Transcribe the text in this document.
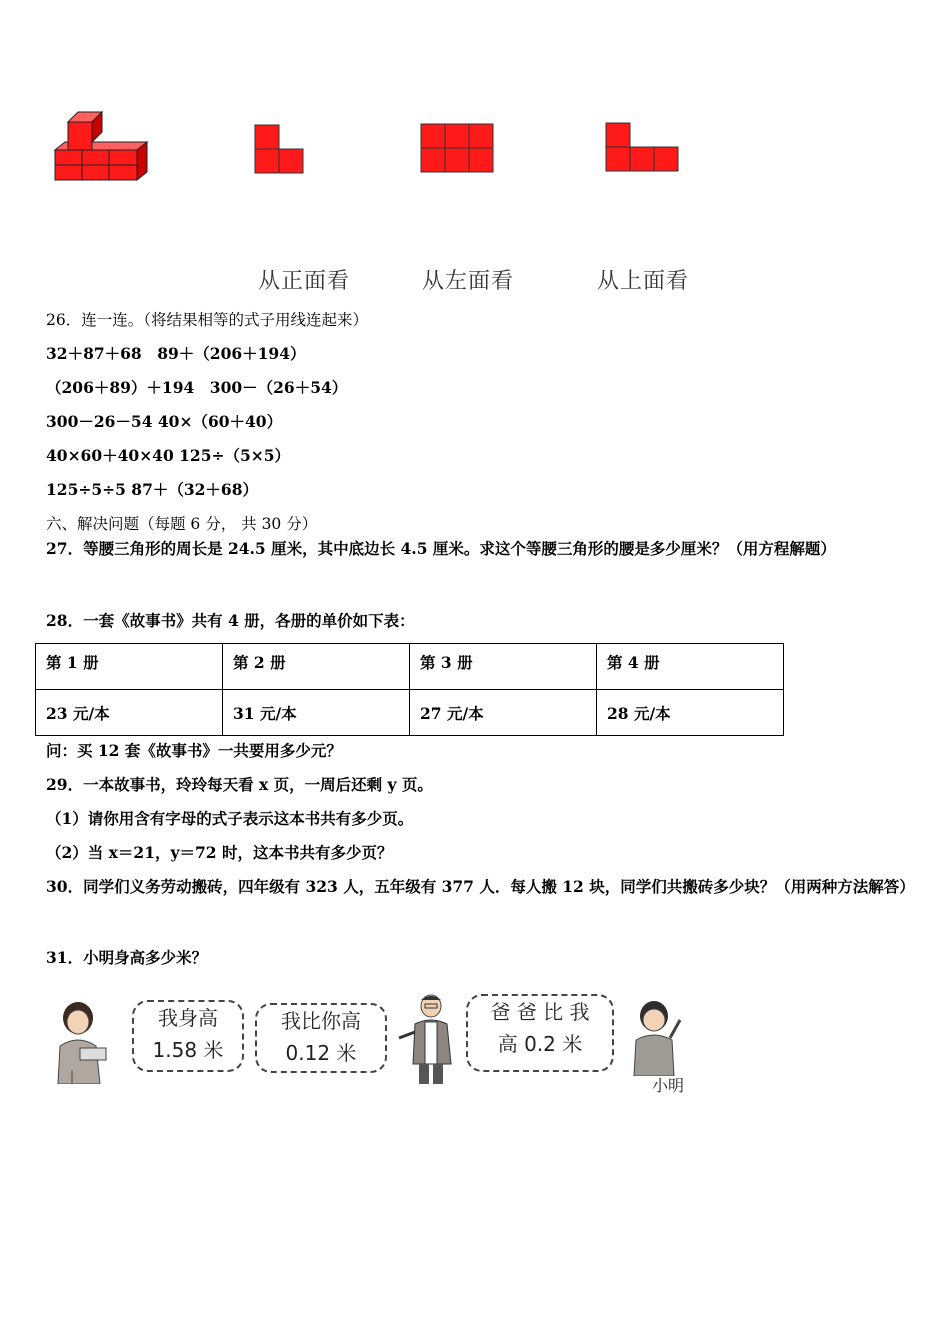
从正面看	从左面看	从上面看
26．连一连。（将结果相等的式子用线连起来）
32＋87＋68　89＋（206＋194）
（206＋89）＋194　300－（26＋54）
300－26－54 40×（60＋40）
40×60＋40×40 125÷（5×5）
125÷5÷5 87＋（32＋68）
六、解决问题（每题 6 分， 共 30 分）
27．等腰三角形的周长是 24.5 厘米，其中底边长 4.5 厘米。求这个等腰三角形的腰是多少厘米？（用方程解题）
28．一套《故事书》共有 4 册，各册的单价如下表：
第 1 册	第 2 册	第 3 册	第 4 册
23 元/本	31 元/本	27 元/本	28 元/本
问：买 12 套《故事书》一共要用多少元？
29．一本故事书，玲玲每天看 x 页，一周后还剩 y 页。
（1）请你用含有字母的式子表示这本书共有多少页。
（2）当 x＝21，y＝72 时，这本书共有多少页？
30．同学们义务劳动搬砖，四年级有 323 人，五年级有 377 人．每人搬 12 块，同学们共搬砖多少块？（用两种方法解答）
31．小明身高多少米？
我身高
1.58 米
我比你高
0.12 米
爸 爸 比 我
高 0.2 米
小明
